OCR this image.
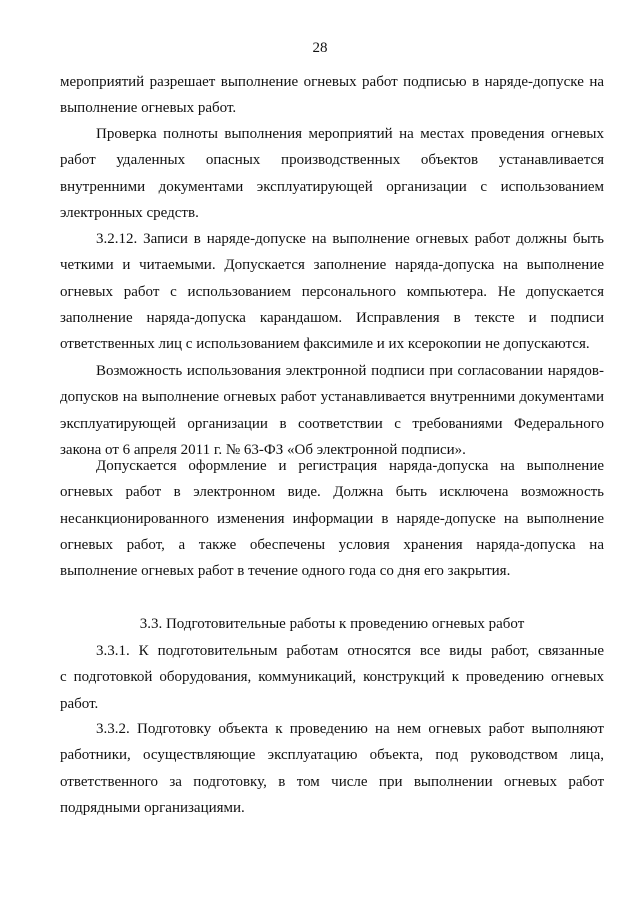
28
мероприятий разрешает выполнение огневых работ подписью в наряде-допуске на
выполнение огневых работ.
Проверка полноты выполнения мероприятий на местах проведения огневых
работ удаленных опасных производственных объектов устанавливается
внутренними документами эксплуатирующей организации с использованием
электронных средств.
3.2.12. Записи в наряде-допуске на выполнение огневых работ должны быть
четкими и читаемыми. Допускается заполнение наряда-допуска на выполнение
огневых работ с использованием персонального компьютера. Не допускается
заполнение наряда-допуска карандашом. Исправления в тексте и подписи
ответственных лиц с использованием факсимиле и их ксерокопии не допускаются.
Возможность использования электронной подписи при согласовании нарядов-
допусков на выполнение огневых работ устанавливается внутренними документами
эксплуатирующей организации в соответствии с требованиями Федерального
закона от 6 апреля 2011 г. № 63-ФЗ «Об электронной подписи».
Допускается оформление и регистрация наряда-допуска на выполнение
огневых работ в электронном виде. Должна быть исключена возможность
несанкционированного изменения информации в наряде-допуске на выполнение
огневых работ, а также обеспечены условия хранения наряда-допуска на
выполнение огневых работ в течение одного года со дня его закрытия.
3.3. Подготовительные работы к проведению огневых работ
3.3.1. К подготовительным работам относятся все виды работ, связанные
с подготовкой оборудования, коммуникаций, конструкций к проведению огневых
работ.
3.3.2. Подготовку объекта к проведению на нем огневых работ выполняют
работники, осуществляющие эксплуатацию объекта, под руководством лица,
ответственного за подготовку, в том числе при выполнении огневых работ
подрядными организациями.
